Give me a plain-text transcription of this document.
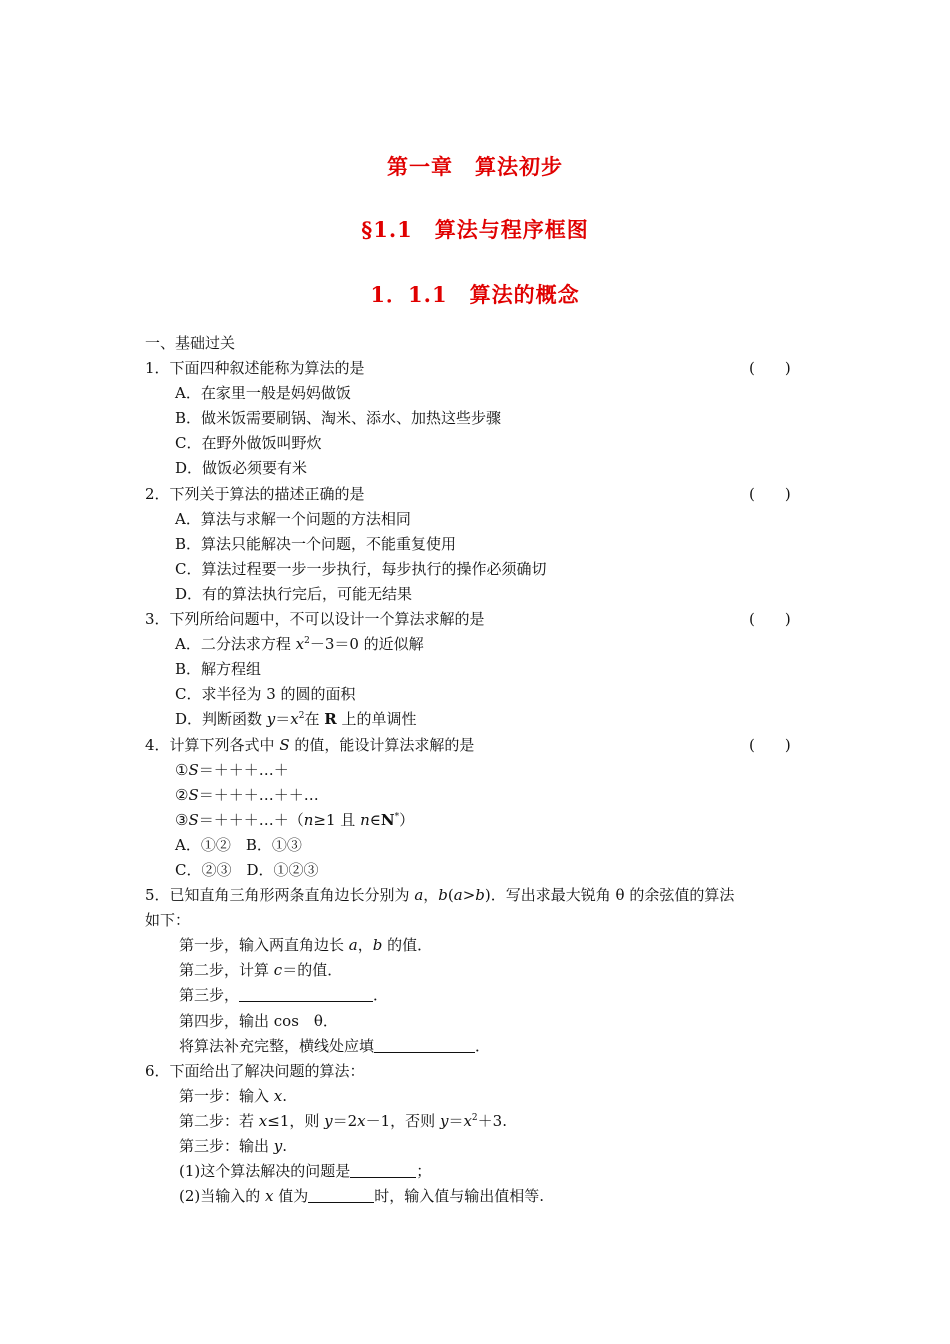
第一章　算法初步
§1.1　算法与程序框图
1．1.1　算法的概念
一、基础过关
1．下面四种叙述能称为算法的是	(　　)
A．在家里一般是妈妈做饭
B．做米饭需要刷锅、淘米、添水、加热这些步骤
C．在野外做饭叫野炊
D．做饭必须要有米
2．下列关于算法的描述正确的是	(　　)
A．算法与求解一个问题的方法相同
B．算法只能解决一个问题，不能重复使用
C．算法过程要一步一步执行，每步执行的操作必须确切
D．有的算法执行完后，可能无结果
3．下列所给问题中，不可以设计一个算法求解的是	(　　)
A．二分法求方程 $x^2-3=0$ 的近似解
B．解方程组
C．求半径为 3 的圆的面积
D．判断函数 $y=x^2$在 R 上的单调性
4．计算下列各式中 S 的值，能设计算法求解的是	(　　)
①S＝＋＋＋…＋
②S＝＋＋＋…＋＋…
③S＝＋＋＋…＋（n≥1 且 n∈N*）
A．①②　B．①③
C．②③　D．①②③
5．已知直角三角形两条直角边长分别为 a，b(a>b)．写出求最大锐角 θ 的余弦值的算法
如下：
第一步，输入两直角边长 a，b 的值．
第二步，计算 c＝的值．
第三步，	．
第四步，输出 cos　θ．
将算法补充完整，横线处应填	．
6．下面给出了解决问题的算法：
第一步：输入 x.
第二步：若 x≤1，则 y＝2x－1，否则 $y=x^2+3$.
第三步：输出 y.
(1)这个算法解决的问题是	；
(2)当输入的 x 值为	时，输入值与输出值相等.
